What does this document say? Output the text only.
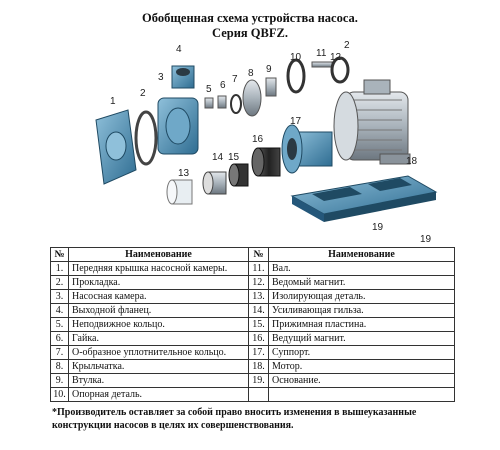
Обобщенная схема устройства насоса.
Серия QBFZ.
1
2
3
4
5 6
7
8 9
10 11 12
2
13
14 15
16
17
18
19
19
№	Наименование	№	Наименование
1.	Передняя крышка насосной камеры.	11.	Вал.
2.	Прокладка.	12.	Ведомый магнит.
3.	Насосная камера.	13.	Изолирующая деталь.
4.	Выходной фланец.	14.	Усиливающая гильза.
5.	Неподвижное кольцо.	15.	Прижимная пластина.
6.	Гайка.	16.	Ведущий магнит.
7.	О-образное уплотнительное кольцо.	17.	Суппорт.
8.	Крыльчатка.	18.	Мотор.
9.	Втулка.	19.	Основание.
10.	Опорная деталь.		
*Производитель оставляет за собой право вносить изменения в вышеуказанные конструкции насосов в целях их совершенствования.
